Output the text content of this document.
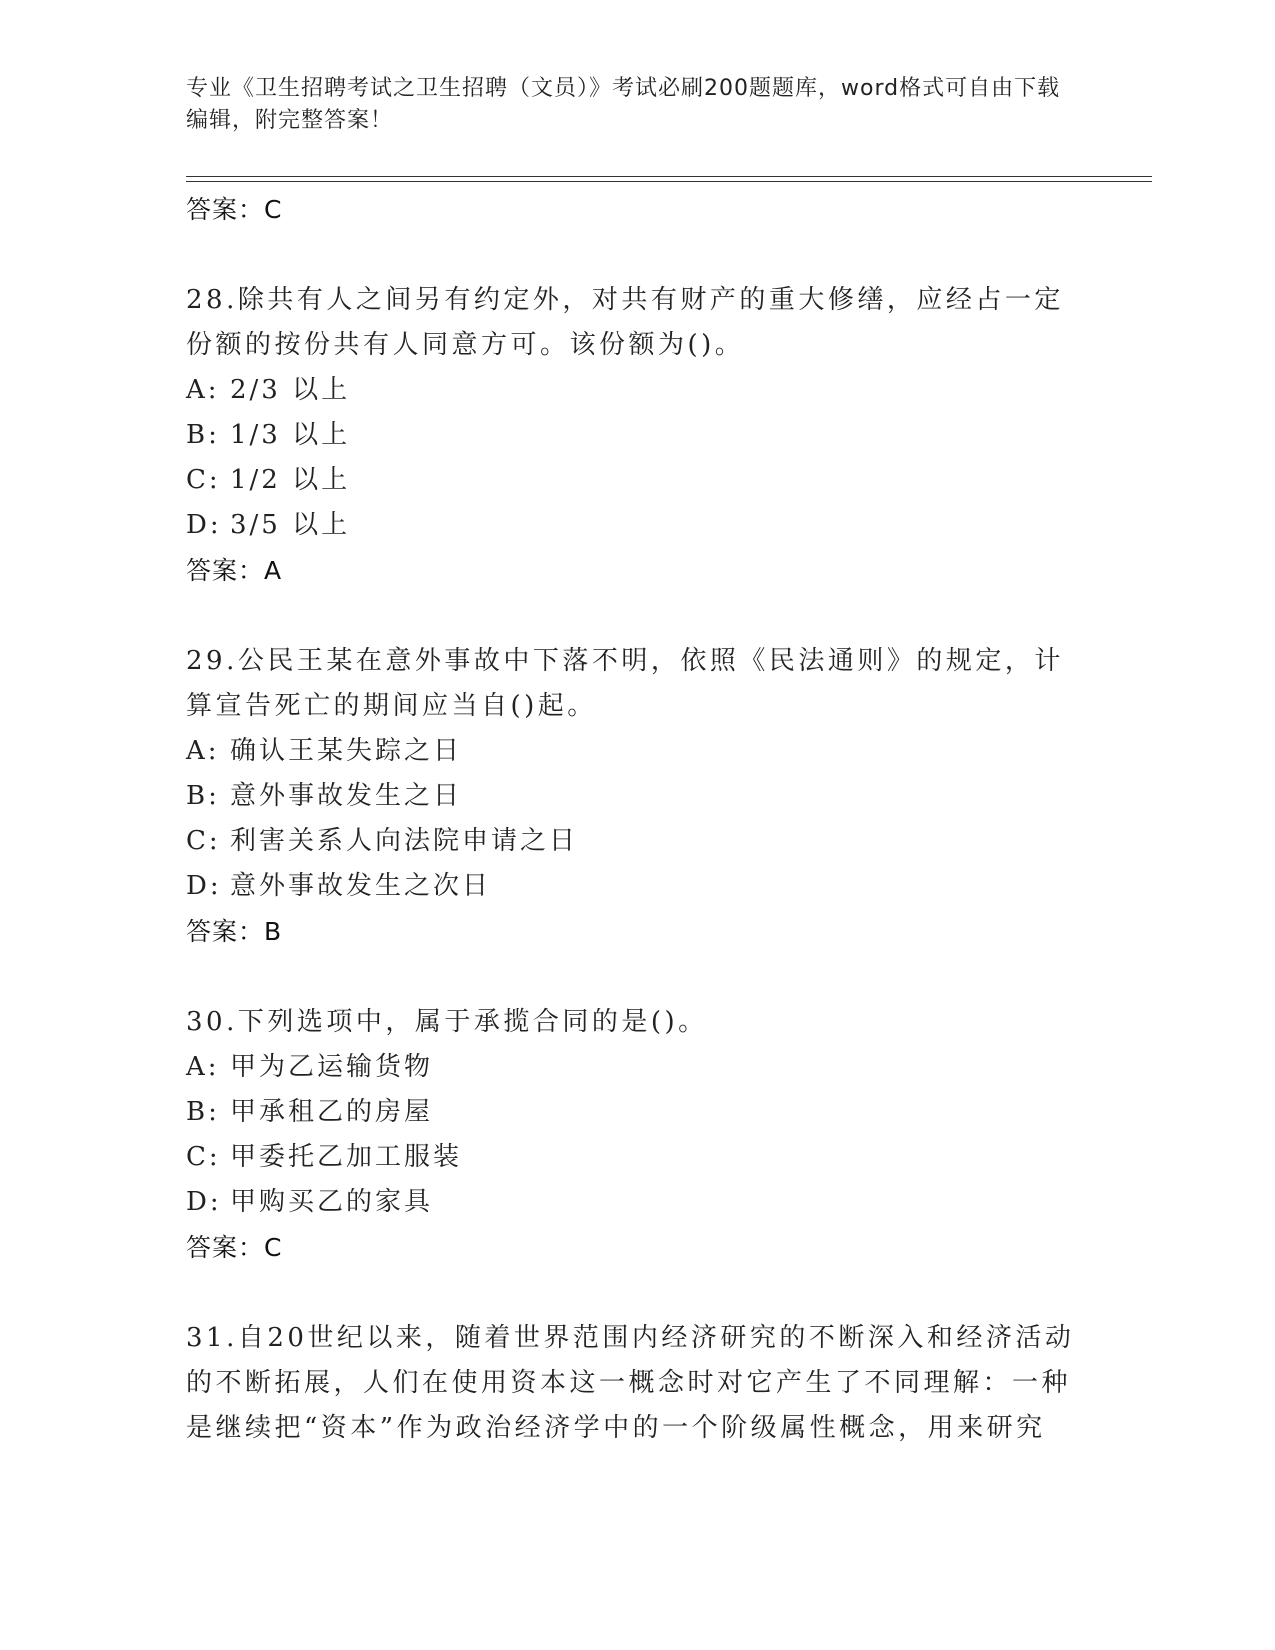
专业《卫生招聘考试之卫生招聘（文员）》考试必刷200题题库，word格式可自由下载编辑，附完整答案！
答案：C
28.除共有人之间另有约定外，对共有财产的重大修缮，应经占一定份额的按份共有人同意方可。该份额为()。
A: 2/3 以上
B: 1/3 以上
C: 1/2 以上
D: 3/5 以上
答案：A
29.公民王某在意外事故中下落不明，依照《民法通则》的规定，计算宣告死亡的期间应当自()起。
A: 确认王某失踪之日
B: 意外事故发生之日
C: 利害关系人向法院申请之日
D: 意外事故发生之次日
答案：B
30.下列选项中，属于承揽合同的是()。
A: 甲为乙运输货物
B: 甲承租乙的房屋
C: 甲委托乙加工服装
D: 甲购买乙的家具
答案：C
31.自20世纪以来，随着世界范围内经济研究的不断深入和经济活动的不断拓展，人们在使用资本这一概念时对它产生了不同理解：一种是继续把“资本”作为政治经济学中的一个阶级属性概念，用来研究
